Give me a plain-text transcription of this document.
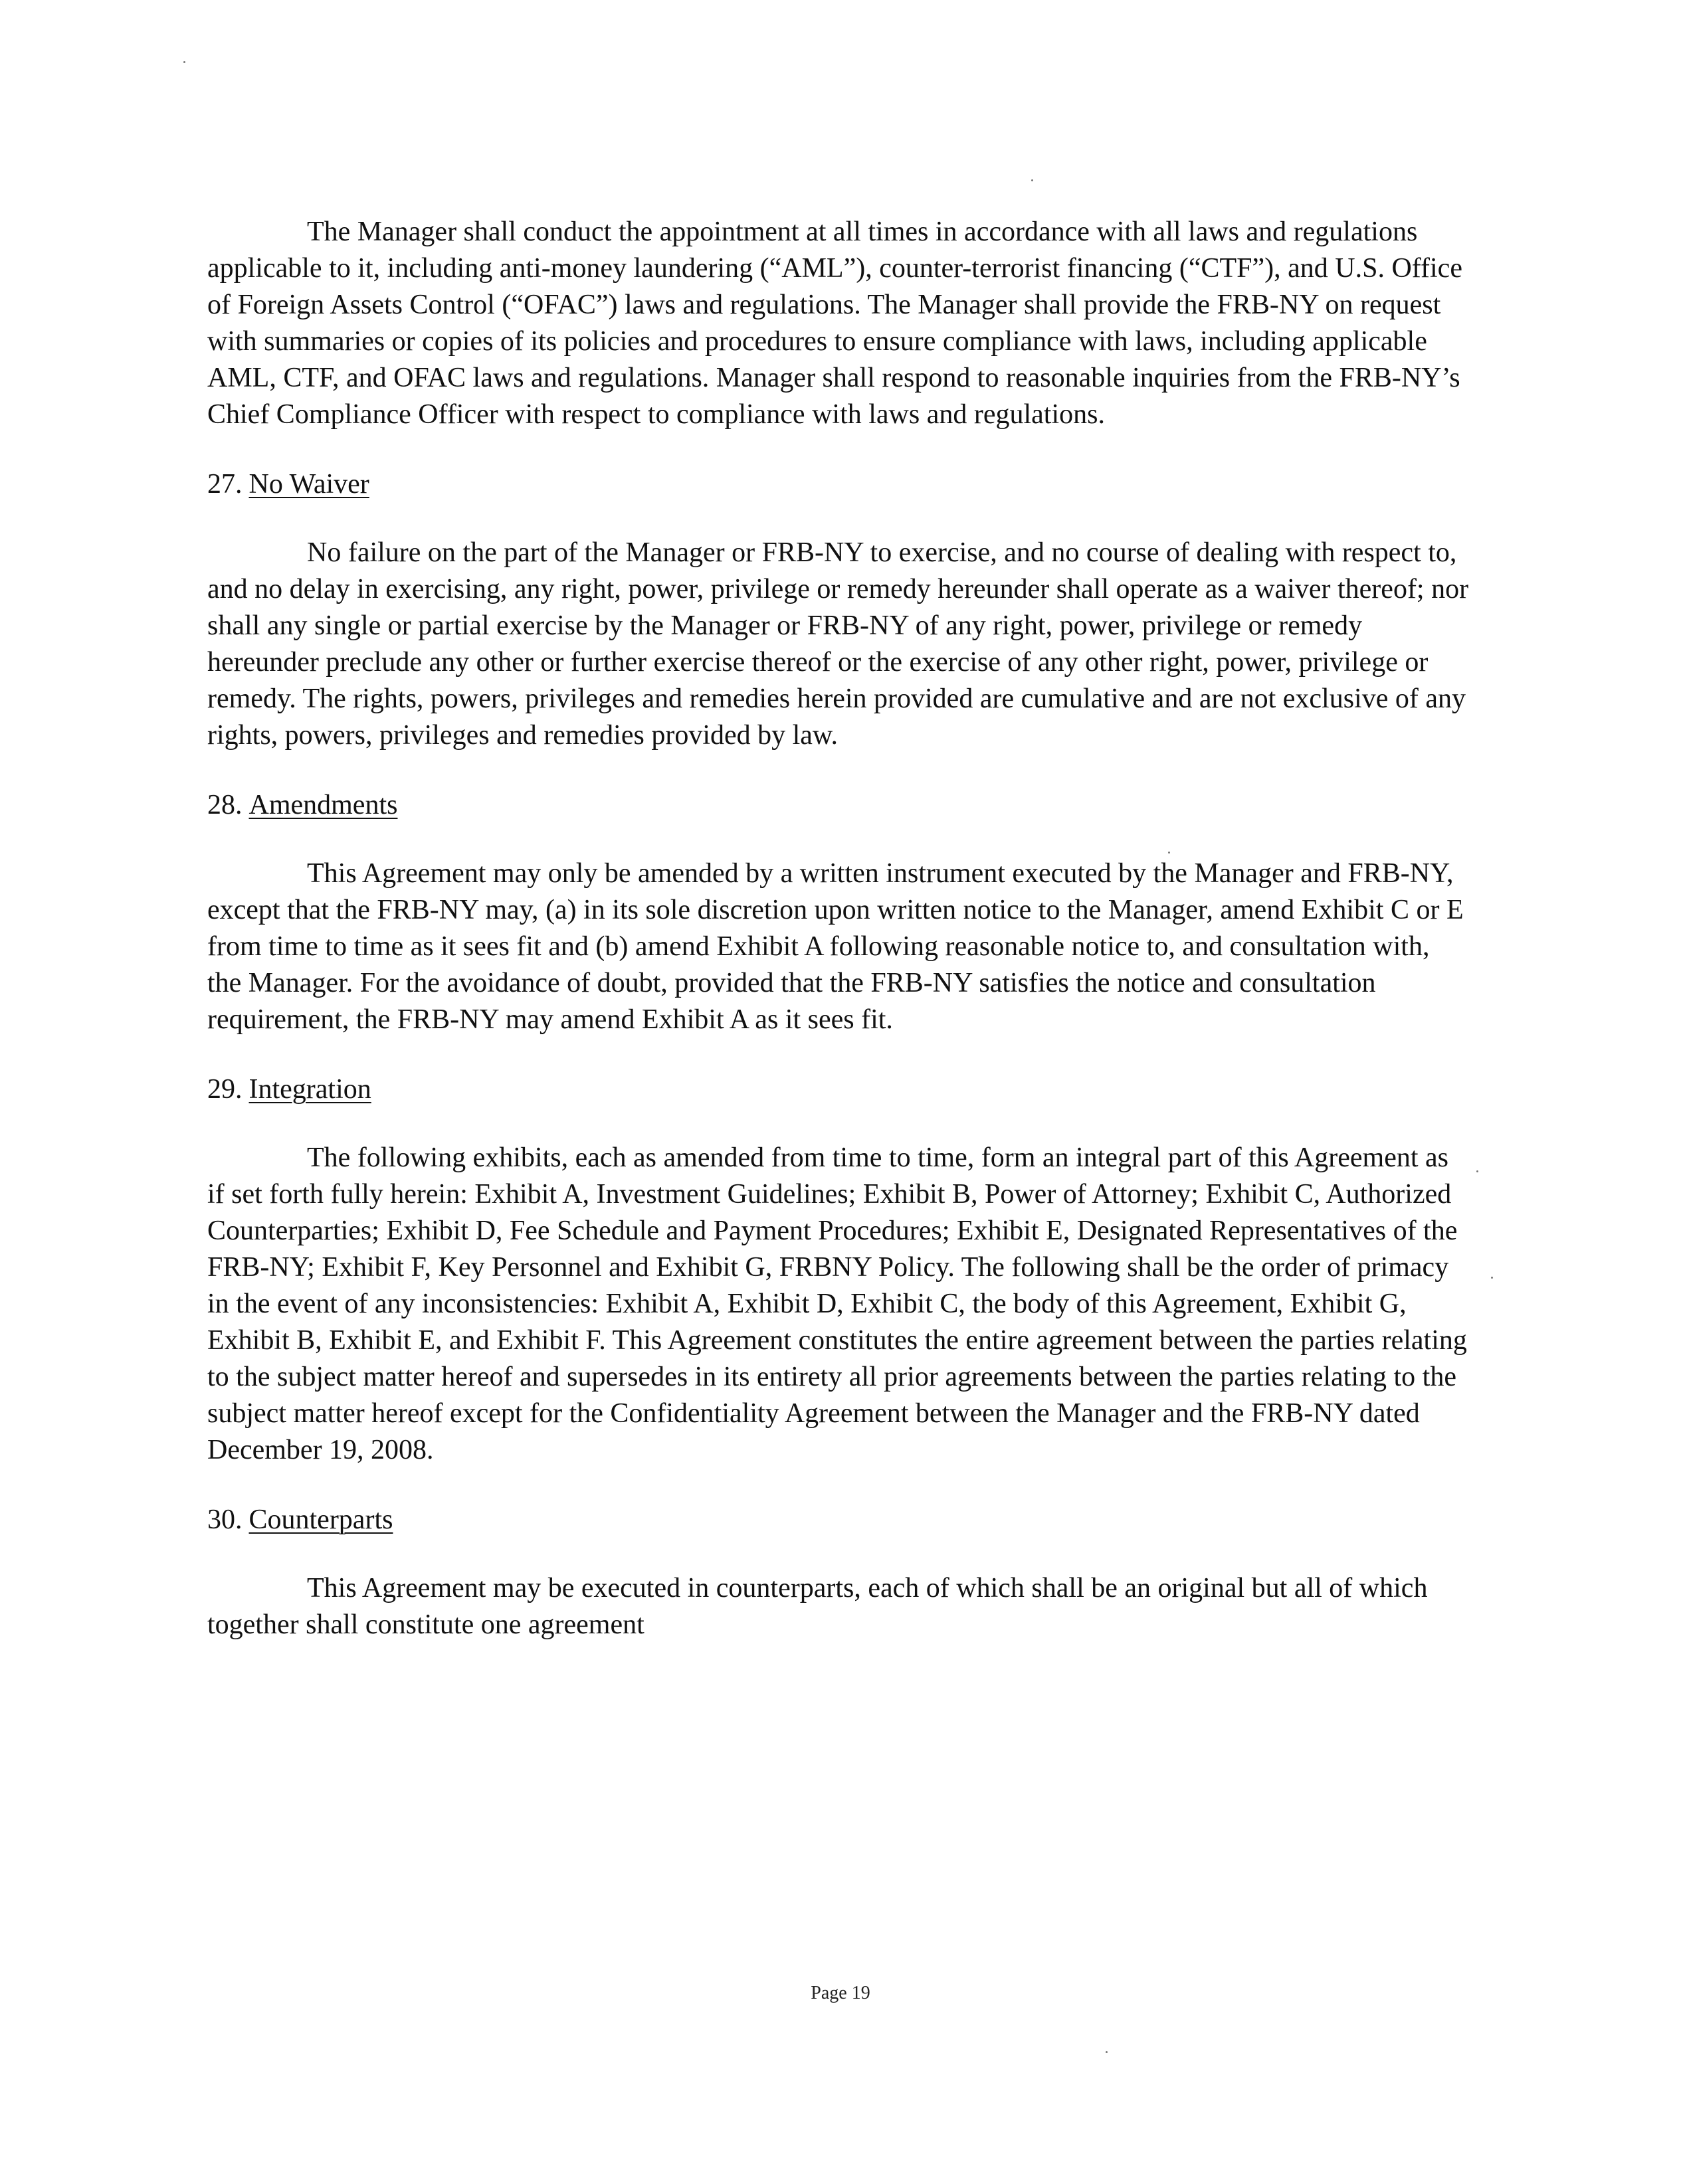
The Manager shall conduct the appointment at all times in accordance with all laws and regulations applicable to it, including anti-money laundering (“AML”), counter-terrorist financing (“CTF”), and U.S. Office of Foreign Assets Control (“OFAC”) laws and regulations. The Manager shall provide the FRB-NY on request with summaries or copies of its policies and procedures to ensure compliance with laws, including applicable AML, CTF, and OFAC laws and regulations. Manager shall respond to reasonable inquiries from the FRB-NY’s Chief Compliance Officer with respect to compliance with laws and regulations.

27. No Waiver

No failure on the part of the Manager or FRB-NY to exercise, and no course of dealing with respect to, and no delay in exercising, any right, power, privilege or remedy hereunder shall operate as a waiver thereof; nor shall any single or partial exercise by the Manager or FRB-NY of any right, power, privilege or remedy hereunder preclude any other or further exercise thereof or the exercise of any other right, power, privilege or remedy. The rights, powers, privileges and remedies herein provided are cumulative and are not exclusive of any rights, powers, privileges and remedies provided by law.

28. Amendments

This Agreement may only be amended by a written instrument executed by the Manager and FRB-NY, except that the FRB-NY may, (a) in its sole discretion upon written notice to the Manager, amend Exhibit C or E from time to time as it sees fit and (b) amend Exhibit A following reasonable notice to, and consultation with, the Manager. For the avoidance of doubt, provided that the FRB-NY satisfies the notice and consultation requirement, the FRB-NY may amend Exhibit A as it sees fit.

29. Integration

The following exhibits, each as amended from time to time, form an integral part of this Agreement as if set forth fully herein: Exhibit A, Investment Guidelines; Exhibit B, Power of Attorney; Exhibit C, Authorized Counterparties; Exhibit D, Fee Schedule and Payment Procedures; Exhibit E, Designated Representatives of the FRB-NY; Exhibit F, Key Personnel and Exhibit G, FRBNY Policy. The following shall be the order of primacy in the event of any inconsistencies: Exhibit A, Exhibit D, Exhibit C, the body of this Agreement, Exhibit G, Exhibit B, Exhibit E, and Exhibit F. This Agreement constitutes the entire agreement between the parties relating to the subject matter hereof and supersedes in its entirety all prior agreements between the parties relating to the subject matter hereof except for the Confidentiality Agreement between the Manager and the FRB-NY dated December 19, 2008.

30. Counterparts

This Agreement may be executed in counterparts, each of which shall be an original but all of which together shall constitute one agreement

Page 19
